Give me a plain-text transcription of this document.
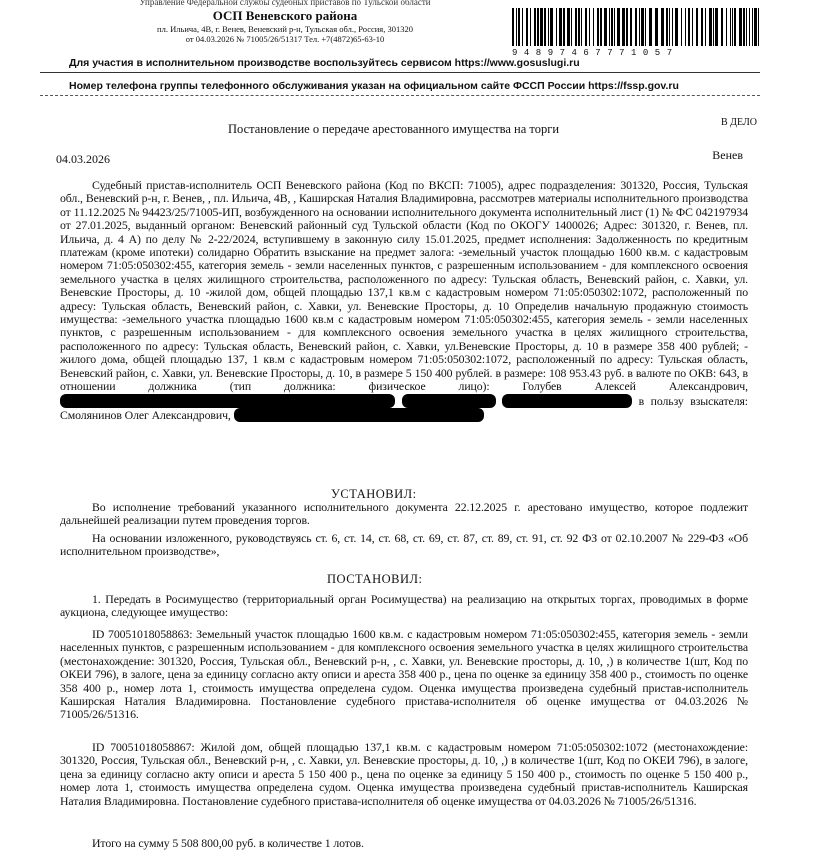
Управление Федеральной службы судебных приставов по Тульской области
ОСП Веневского района
пл. Ильича, 4В, г. Венев, Веневский р-н, Тульская обл., Россия, 301320
от 04.03.2026 № 71005/26/51317 Тел. +7(4872)65-63-10
94897467771057
Для участия в исполнительном производстве воспользуйтесь сервисом https://www.gosuslugi.ru
Номер телефона группы телефонного обслуживания указан на официальном сайте ФССП России https://fssp.gov.ru
В ДЕЛО
Постановление о передаче арестованного имущества на торги
04.03.2026	Венев
Судебный пристав-исполнитель ОСП Веневского района (Код по ВКСП: 71005), адрес подразделения: 301320, Россия, Тульская обл., Веневский р-н, г. Венев, , пл. Ильича, 4В, , Каширская Наталия Владимировна, рассмотрев материалы исполнительного производства от 11.12.2025 № 94423/25/71005-ИП, возбужденного на основании исполнительного документа исполнительный лист (1) № ФС 042197934 от 27.01.2025, выданный органом: Веневский районный суд Тульской области (Код по ОКОГУ 1400026; Адрес: 301320, г. Венев, пл. Ильича, д. 4 А) по делу № 2-22/2024, вступившему в законную силу 15.01.2025, предмет исполнения: Задолженность по кредитным платежам (кроме ипотеки) солидарно Обратить взыскание на предмет залога: -земельный участок площадью 1600 кв.м. с кадастровым номером 71:05:050302:455, категория земель - земли населенных пунктов, с разрешенным использованием - для комплексного освоения земельного участка в целях жилищного строительства, расположенного по адресу: Тульская область, Веневский район, с. Хавки, ул. Веневские Просторы, д. 10 -жилой дом, общей площадью 137,1 кв.м с кадастровым номером 71:05:050302:1072, расположенный по адресу: Тульская область, Веневский район, с. Хавки, ул. Веневские Просторы, д. 10 Определив начальную продажную стоимость имущества: -земельного участка площадью 1600 кв.м с кадастровым номером 71:05:050302:455, категория земель - земли населенных пунктов, с разрешенным использованием - для комплексного освоения земельного участка в целях жилищного строительства, расположенного по адресу: Тульская область, Веневский район, с. Хавки, ул.Веневские Просторы, д. 10 в размере 358 400 рублей; - жилого дома, общей площадью 137, 1 кв.м с кадастровым номером 71:05:050302:1072, расположенный по адресу: Тульская область, Веневский район, с. Хавки, ул. Веневские Просторы, д. 10, в размере 5 150 400 рублей. в размере: 108 953.43 руб. в валюте по ОКВ: 643, в отношении должника (тип должника: физическое лицо): Голубев Алексей Александрович,    в пользу взыскателя: Смолянинов Олег Александрович,
УСТАНОВИЛ:
Во исполнение требований указанного исполнительного документа 22.12.2025 г. арестовано имущество, которое подлежит дальнейшей реализации путем проведения торгов.
На основании изложенного, руководствуясь ст. 6, ст. 14, ст. 68, ст. 69, ст. 87, ст. 89, ст. 91, ст. 92 ФЗ от 02.10.2007 № 229-ФЗ «Об исполнительном производстве»,
ПОСТАНОВИЛ:
1. Передать в Росимущество (территориальный орган Росимущества) на реализацию на открытых торгах, проводимых в форме аукциона, следующее имущество:
ID 70051018058863: Земельный участок площадью 1600 кв.м. с кадастровым номером 71:05:050302:455, категория земель - земли населенных пунктов, с разрешенным использованием - для комплексного освоения земельного участка в целях жилищного строительства (местонахождение: 301320, Россия, Тульская обл., Веневский р-н, , с. Хавки, ул. Веневские просторы, д. 10, ,) в количестве 1(шт, Код по ОКЕИ 796), в залоге, цена за единицу согласно акту описи и ареста 358 400 р., цена по оценке за единицу 358 400 р., стоимость по оценке 358 400 р., номер лота 1, стоимость имущества определена судом. Оценка имущества произведена судебный пристав-исполнитель Каширская Наталия Владимировна. Постановление судебного пристава-исполнителя об оценке имущества от 04.03.2026 № 71005/26/51316.
ID 70051018058867: Жилой дом, общей площадью 137,1 кв.м. с кадастровым номером 71:05:050302:1072 (местонахождение: 301320, Россия, Тульская обл., Веневский р-н, , с. Хавки, ул. Веневские просторы, д. 10, ,) в количестве 1(шт, Код по ОКЕИ 796), в залоге, цена за единицу согласно акту описи и ареста 5 150 400 р., цена по оценке за единицу 5 150 400 р., стоимость по оценке 5 150 400 р., номер лота 1, стоимость имущества определена судом. Оценка имущества произведена судебный пристав-исполнитель Каширская Наталия Владимировна. Постановление судебного пристава-исполнителя об оценке имущества от 04.03.2026 № 71005/26/51316.
Итого на сумму 5 508 800,00 руб. в количестве 1 лотов.
